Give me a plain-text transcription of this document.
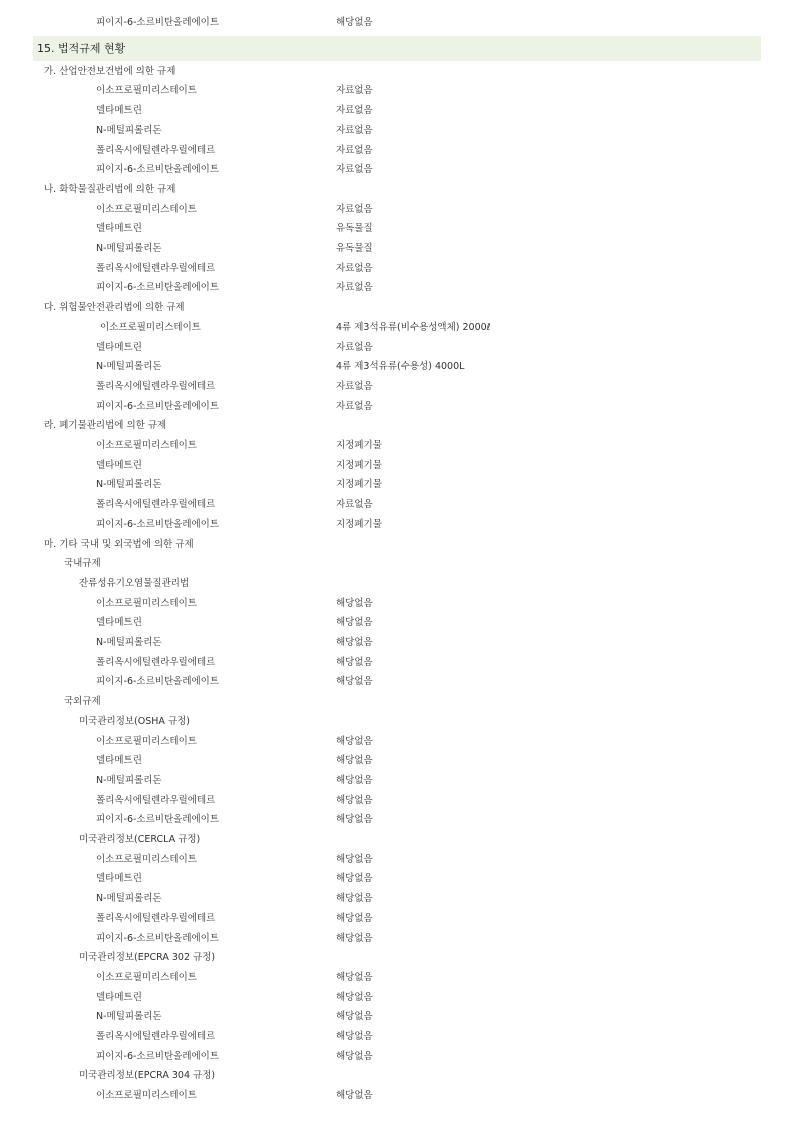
피이지-6-소르비탄올레에이트	해당없음
15. 법적규제 현황
가. 산업안전보건법에 의한 규제
이소프로필미리스테이트	자료없음
델타메트린	자료없음
N-메틸피롤리돈	자료없음
폴리옥시에틸렌라우릴에테르	자료없음
피이지-6-소르비탄올레에이트	자료없음
나. 화학물질관리법에 의한 규제
이소프로필미리스테이트	자료없음
델타메트린	유독물질
N-메틸피롤리돈	유독물질
폴리옥시에틸렌라우릴에테르	자료없음
피이지-6-소르비탄올레에이트	자료없음
다. 위험물안전관리법에 의한 규제
이소프로필미리스테이트	4류 제3석유류(비수용성액체) 2000ℓ
델타메트린	자료없음
N-메틸피롤리돈	4류 제3석유류(수용성) 4000L
폴리옥시에틸렌라우릴에테르	자료없음
피이지-6-소르비탄올레에이트	자료없음
라. 폐기물관리법에 의한 규제
이소프로필미리스테이트	지정폐기물
델타메트린	지정폐기물
N-메틸피롤리돈	지정폐기물
폴리옥시에틸렌라우릴에테르	자료없음
피이지-6-소르비탄올레에이트	지정폐기물
마. 기타 국내 및 외국법에 의한 규제
국내규제
잔류성유기오염물질관리법
이소프로필미리스테이트	해당없음
델타메트린	해당없음
N-메틸피롤리돈	해당없음
폴리옥시에틸렌라우릴에테르	해당없음
피이지-6-소르비탄올레에이트	해당없음
국외규제
미국관리정보(OSHA 규정)
이소프로필미리스테이트	해당없음
델타메트린	해당없음
N-메틸피롤리돈	해당없음
폴리옥시에틸렌라우릴에테르	해당없음
피이지-6-소르비탄올레에이트	해당없음
미국관리정보(CERCLA 규정)
이소프로필미리스테이트	해당없음
델타메트린	해당없음
N-메틸피롤리돈	해당없음
폴리옥시에틸렌라우릴에테르	해당없음
피이지-6-소르비탄올레에이트	해당없음
미국관리정보(EPCRA 302 규정)
이소프로필미리스테이트	해당없음
델타메트린	해당없음
N-메틸피롤리돈	해당없음
폴리옥시에틸렌라우릴에테르	해당없음
피이지-6-소르비탄올레에이트	해당없음
미국관리정보(EPCRA 304 규정)
이소프로필미리스테이트	해당없음
